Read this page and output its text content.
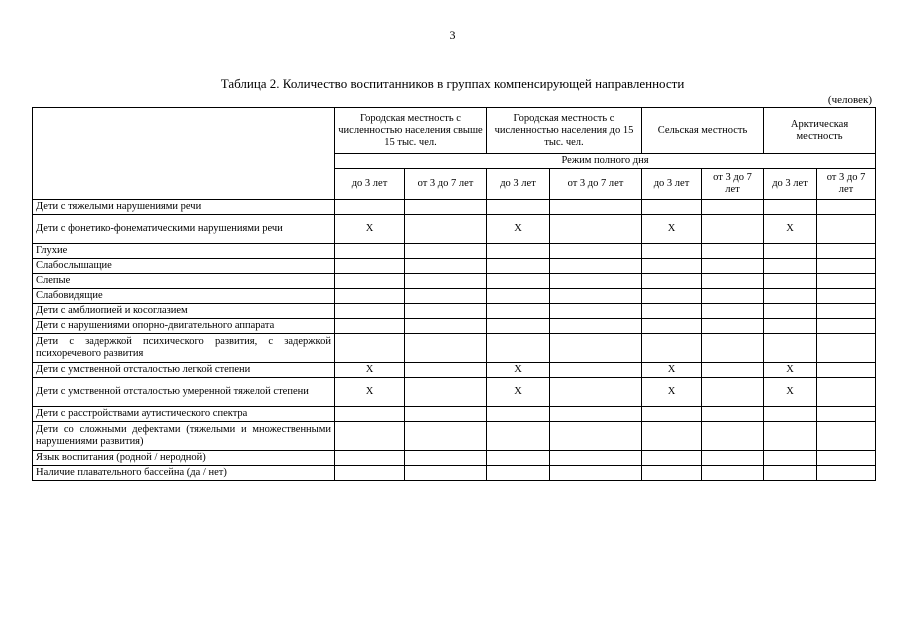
3
Таблица 2. Количество воспитанников в группах компенсирующей направленности
(человек)
	Городская местность с численностью населения свыше 15 тыс. чел.		Городская местность с численностью населения до 15 тыс. чел.		Сельская местность		Арктическая местность	
	Режим полного дня							
	до 3 лет	от 3 до 7 лет	до 3 лет	от 3 до 7 лет	до 3 лет	от 3 до 7 лет	до 3 лет	от 3 до 7 лет
Дети с тяжелыми нарушениями речи								
Дети с фонетико-фонематическими нарушениями речи	Х		Х		Х		Х	
Глухие								
Слабослышащие								
Слепые								
Слабовидящие								
Дети с амблиопией и косоглазием								
Дети с нарушениями опорно-двигательного аппарата								
Дети с задержкой психического развития, с задержкой психоречевого развития								
Дети с умственной отсталостью легкой степени	Х		Х		Х		Х	
Дети с умственной отсталостью умеренной тяжелой степени	Х		Х		Х		Х	
Дети с расстройствами аутистического спектра								
Дети со сложными дефектами (тяжелыми и множественными нарушениями развития)								
Язык воспитания (родной / неродной)								
Наличие плавательного бассейна (да / нет)								
